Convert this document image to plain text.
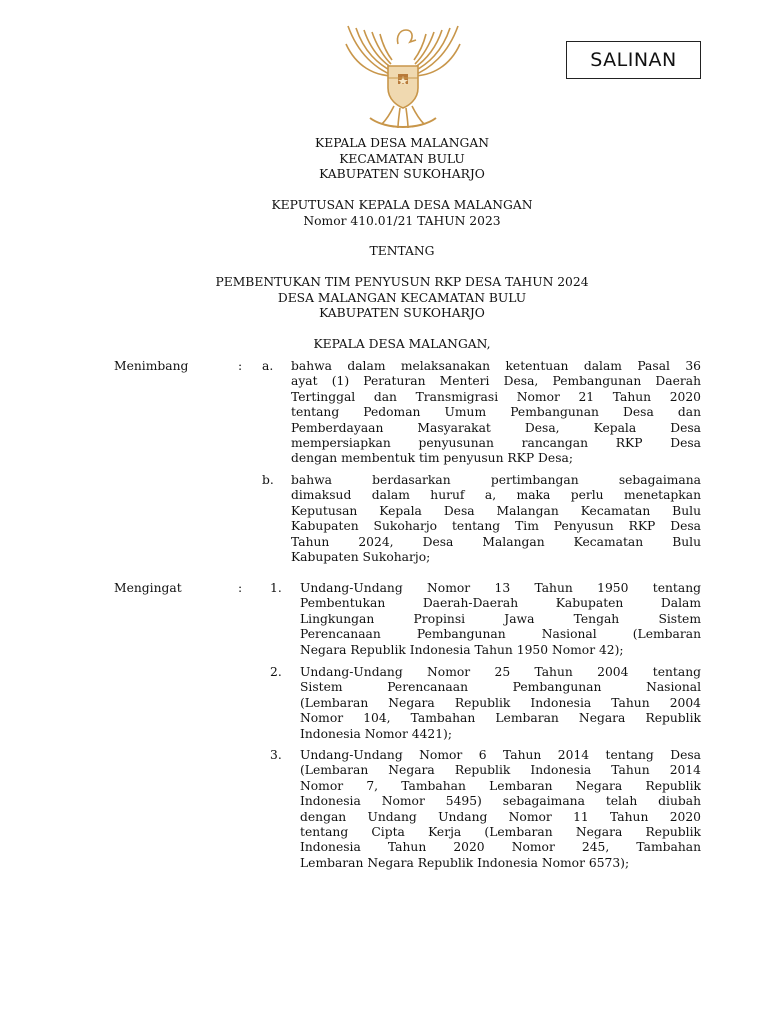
SALINAN
KEPALA DESA MALANGAN
KECAMATAN BULU
KABUPATEN SUKOHARJO
KEPUTUSAN KEPALA DESA MALANGAN
Nomor 410.01/21 TAHUN 2023
TENTANG
PEMBENTUKAN TIM PENYUSUN RKP DESA TAHUN 2024
DESA MALANGAN KECAMATAN BULU
KABUPATEN SUKOHARJO
KEPALA DESA MALANGAN,
Menimbang	: a. bahwa dalam melaksanakan ketentuan dalam Pasal 36
ayat (1) Peraturan Menteri Desa, Pembangunan Daerah
Tertinggal dan Transmigrasi Nomor 21 Tahun 2020
tentang Pedoman Umum Pembangunan Desa dan
Pemberdayaan Masyarakat Desa, Kepala Desa
mempersiapkan penyusunan rancangan RKP Desa
dengan membentuk tim penyusun RKP Desa;
b. bahwa berdasarkan pertimbangan sebagaimana
dimaksud dalam huruf a, maka perlu menetapkan
Keputusan Kepala Desa Malangan Kecamatan Bulu
Kabupaten Sukoharjo tentang Tim Penyusun RKP Desa
Tahun 2024, Desa Malangan Kecamatan Bulu
Kabupaten Sukoharjo;
Mengingat	: 1. Undang-Undang Nomor 13 Tahun 1950 tentang
Pembentukan Daerah-Daerah Kabupaten Dalam
Lingkungan Propinsi Jawa Tengah Sistem
Perencanaan Pembangunan Nasional (Lembaran
Negara Republik Indonesia Tahun 1950 Nomor 42);
2. Undang-Undang Nomor 25 Tahun 2004 tentang
Sistem Perencanaan Pembangunan Nasional
(Lembaran Negara Republik Indonesia Tahun 2004
Nomor 104, Tambahan Lembaran Negara Republik
Indonesia Nomor 4421);
3. Undang-Undang Nomor 6 Tahun 2014 tentang Desa
(Lembaran Negara Republik Indonesia Tahun 2014
Nomor 7, Tambahan Lembaran Negara Republik
Indonesia Nomor 5495) sebagaimana telah diubah
dengan Undang Undang Nomor 11 Tahun 2020
tentang Cipta Kerja (Lembaran Negara Republik
Indonesia Tahun 2020 Nomor 245, Tambahan
Lembaran Negara Republik Indonesia Nomor 6573);
